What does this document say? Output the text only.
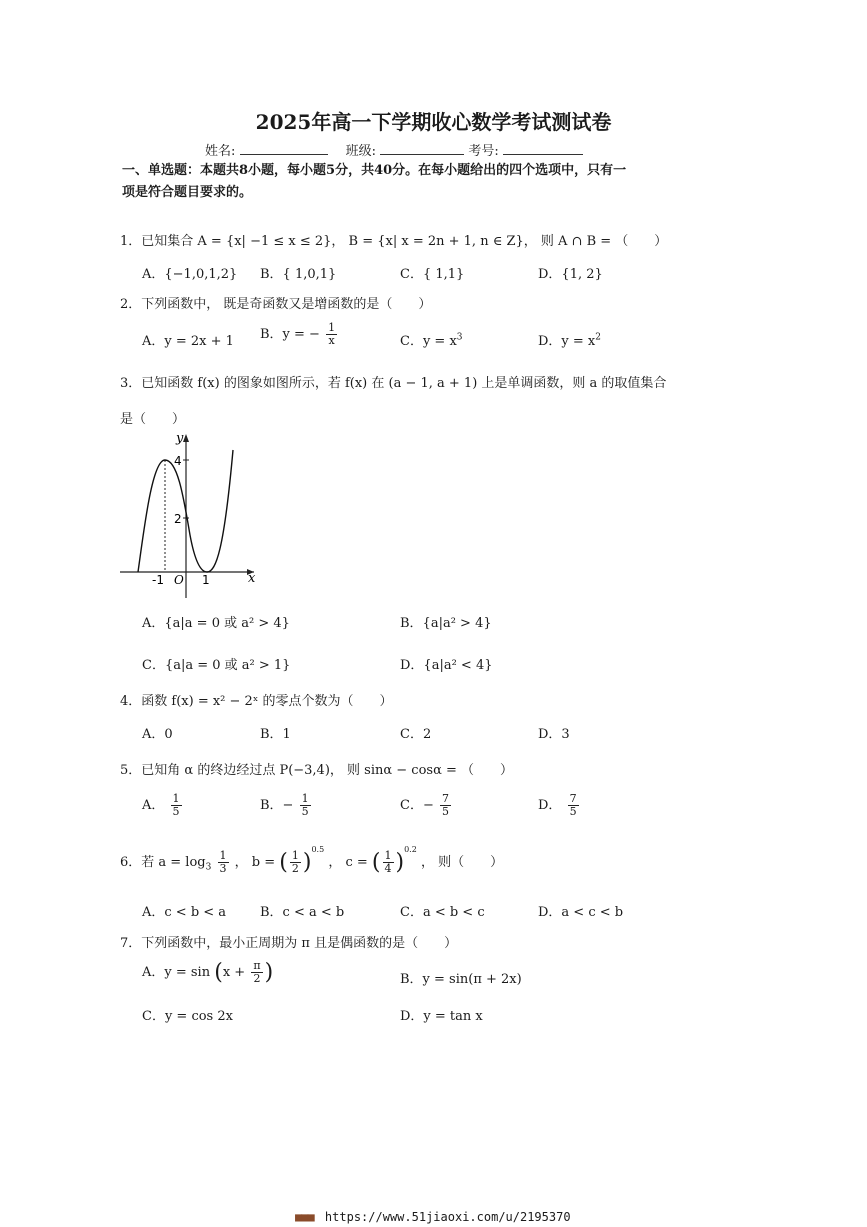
2025年高一下学期收心数学考试测试卷
姓名:	班级:	考号:
一、单选题：本题共8小题，每小题5分，共40分。在每小题给出的四个选项中，只有一
项是符合题目要求的。
1．已知集合 A = {x| −1 ≤ x ≤ 2}， B = {x| x = 2n + 1, n ∈ Z}， 则 A ∩ B = （　　）
A．{−1,0,1,2} B．{ 1,0,1}	C．{ 1,1}	D．{1, 2}
2．下列函数中， 既是奇函数又是增函数的是（　　）
A．y = 2x + 1 B．y = − $\frac{1}{x}$	C．$y = x^3$	D．$y = x^2$
3．已知函数 f(x) 的图象如图所示，若 f(x) 在 (a − 1, a + 1) 上是单调函数，则 a 的取值集合
是（　　）
y
x
O
4
2
-1	1
A．{a|a = 0 或 a² > 4}	B．{a|a² > 4}
C．{a|a = 0 或 a² > 1}	D．{a|a² < 4}
4．函数 f(x) = x² − 2ˣ 的零点个数为（　　）
A．0	B．1	C．2	D．3
5．已知角 α 的终边经过点 P(−3,4)， 则 sinα − cosα = （　　）
A． $\frac{1}{5}$	B．− $\frac{1}{5}$	C．− $\frac{7}{5}$	D． $\frac{7}{5}$
6．若 $a = \log_3 \frac{1}{3}$ ， b = ( $\frac{1}{2} )^{0.5}$ ， c = ( $\frac{1}{4} )^{0.2}$ ， 则（　　）
A．c < b < a	B．c < a < b	C．a < b < c	D．a < c < b
7．下列函数中，最小正周期为 π 且是偶函数的是（　　）
A．$y = \sin (x + \frac{\pi}{2}$ )	B．y = sin(π + 2x)
C．y = cos 2x	D．y = tan x
■■■ https://www.51jiaoxi.com/u/2195370
